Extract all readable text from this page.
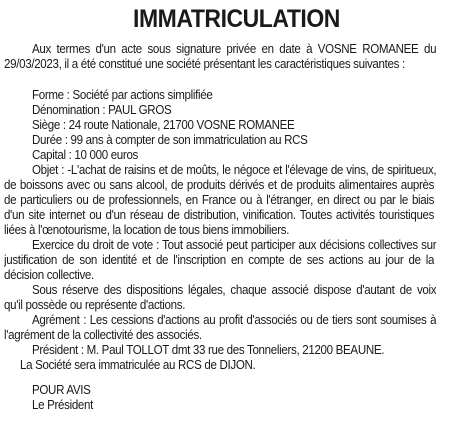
IMMATRICULATION
Aux termes d'un acte sous signature privée en date à VOSNE ROMANEE du
29/03/2023, il a été constitué une société présentant les caractéristiques suivantes :
Forme : Société par actions simplifiée
Dénomination : PAUL GROS
Siège : 24 route Nationale, 21700 VOSNE ROMANEE
Durée : 99 ans à compter de son immatriculation au RCS
Capital : 10 000 euros
Objet : -L'achat de raisins et de moûts, le négoce et l'élevage de vins, de spiritueux,
de boissons avec ou sans alcool, de produits dérivés et de produits alimentaires auprès
de particuliers ou de professionnels, en France ou à l'étranger, en direct ou par le biais
d'un site internet ou d'un réseau de distribution, vinification. Toutes activités touristiques
liées à l'œnotourisme, la location de tous biens immobiliers.
Exercice du droit de vote : Tout associé peut participer aux décisions collectives sur
justification de son identité et de l'inscription en compte de ses actions au jour de la
décision collective.
Sous réserve des dispositions légales, chaque associé dispose d'autant de voix
qu'il possède ou représente d'actions.
Agrément : Les cessions d'actions au profit d'associés ou de tiers sont soumises à
l'agrément de la collectivité des associés.
Président : M. Paul TOLLOT dmt 33 rue des Tonneliers, 21200 BEAUNE.
La Société sera immatriculée au RCS de DIJON.
POUR AVIS
Le Président
